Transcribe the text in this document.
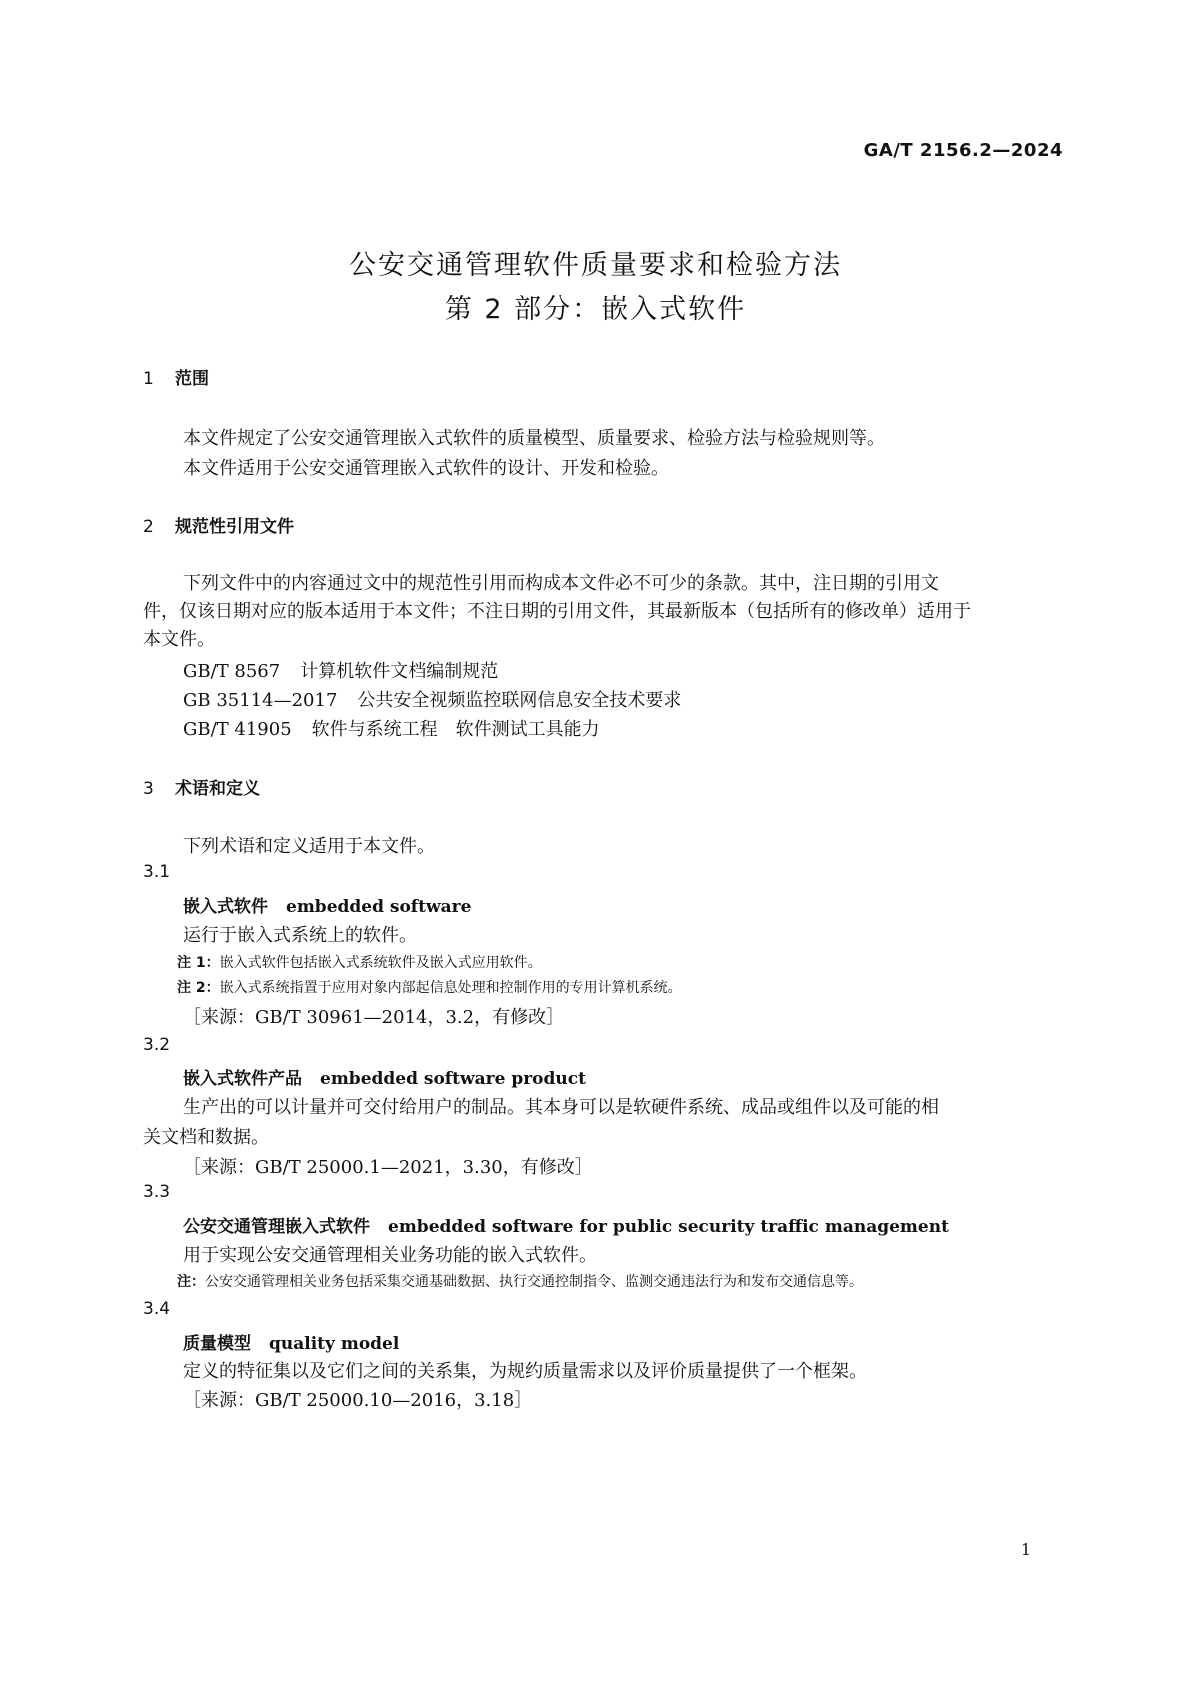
GA/T 2156.2—2024
公安交通管理软件质量要求和检验方法
第 2 部分：嵌入式软件
1 范围
本文件规定了公安交通管理嵌入式软件的质量模型、质量要求、检验方法与检验规则等。
本文件适用于公安交通管理嵌入式软件的设计、开发和检验。
2 规范性引用文件
下列文件中的内容通过文中的规范性引用而构成本文件必不可少的条款。其中，注日期的引用文
件，仅该日期对应的版本适用于本文件；不注日期的引用文件，其最新版本（包括所有的修改单）适用于
本文件。
GB/T 8567 计算机软件文档编制规范
GB 35114—2017 公共安全视频监控联网信息安全技术要求
GB/T 41905 软件与系统工程　软件测试工具能力
3 术语和定义
下列术语和定义适用于本文件。
3.1
嵌入式软件 embedded software
运行于嵌入式系统上的软件。
注 1：嵌入式软件包括嵌入式系统软件及嵌入式应用软件。
注 2：嵌入式系统指置于应用对象内部起信息处理和控制作用的专用计算机系统。
［来源：GB/T 30961—2014，3.2，有修改］
3.2
嵌入式软件产品 embedded software product
生产出的可以计量并可交付给用户的制品。其本身可以是软硬件系统、成品或组件以及可能的相
关文档和数据。
［来源：GB/T 25000.1—2021，3.30，有修改］
3.3
公安交通管理嵌入式软件 embedded software for public security traffic management
用于实现公安交通管理相关业务功能的嵌入式软件。
注：公安交通管理相关业务包括采集交通基础数据、执行交通控制指令、监测交通违法行为和发布交通信息等。
3.4
质量模型 quality model
定义的特征集以及它们之间的关系集，为规约质量需求以及评价质量提供了一个框架。
［来源：GB/T 25000.10—2016，3.18］
1
